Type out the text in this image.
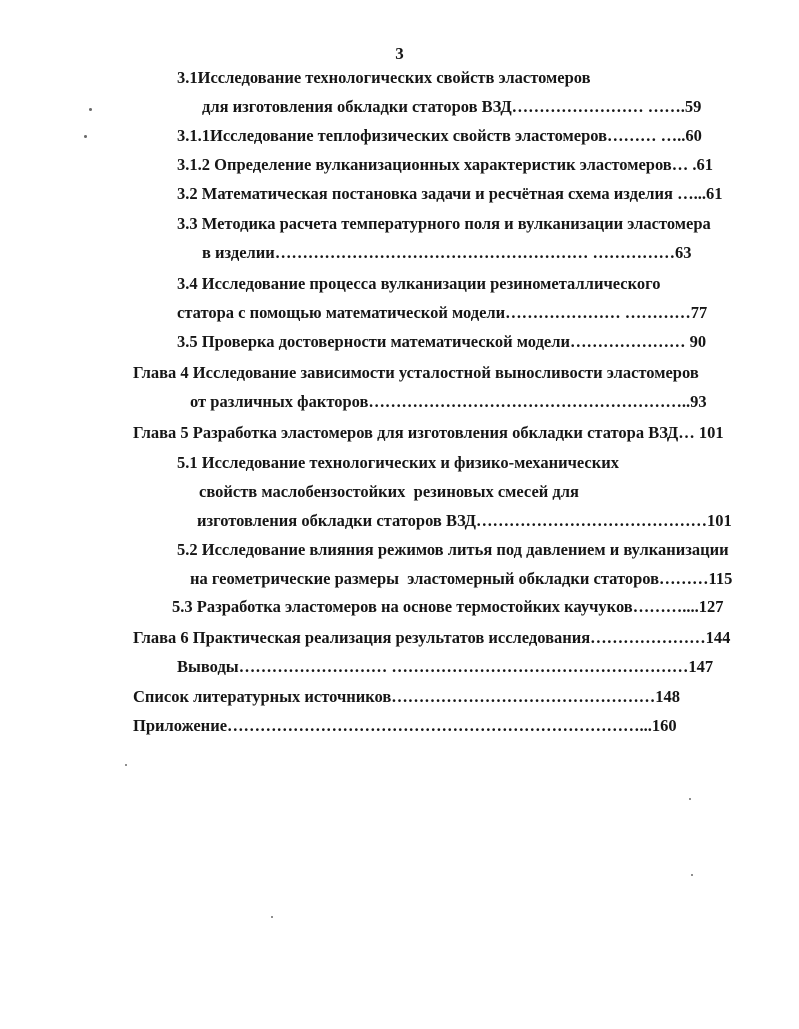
3
3.1Исследование технологических свойств эластомеров
для изготовления обкладки статоров ВЗД…………………… …….59
3.1.1Исследование теплофизических свойств эластомеров……… …..60
3.1.2 Определение вулканизационных характеристик эластомеров… .61
3.2 Математическая постановка задачи и ресчётная схема изделия …...61
3.3 Методика расчета температурного поля и вулканизации эластомера
в изделии………………………………………………… ……………63
3.4 Исследование процесса вулканизации резинометаллического
статора с помощью математической модели………………… …………77
3.5 Проверка достоверности математической модели………………… 90
Глава 4 Исследование зависимости усталостной выносливости эластомеров
от различных факторов…………………………………………………..93
Глава 5 Разработка эластомеров для изготовления обкладки статора ВЗД… 101
5.1 Исследование технологических и физико-механических
свойств маслобензостойких  резиновых смесей для
изготовления обкладки статоров ВЗД……………………………………101
5.2 Исследование влияния режимов литья под давлением и вулканизации
на геометрические размеры  эластомерный обкладки статоров………115
5.3 Разработка эластомеров на основе термостойких каучуков………....127
Глава 6 Практическая реализация результатов исследования…………………144
Выводы……………………… ………………………………………………147
Список литературных источников…………………………………………148
Приложение…………………………………………………………………...160
